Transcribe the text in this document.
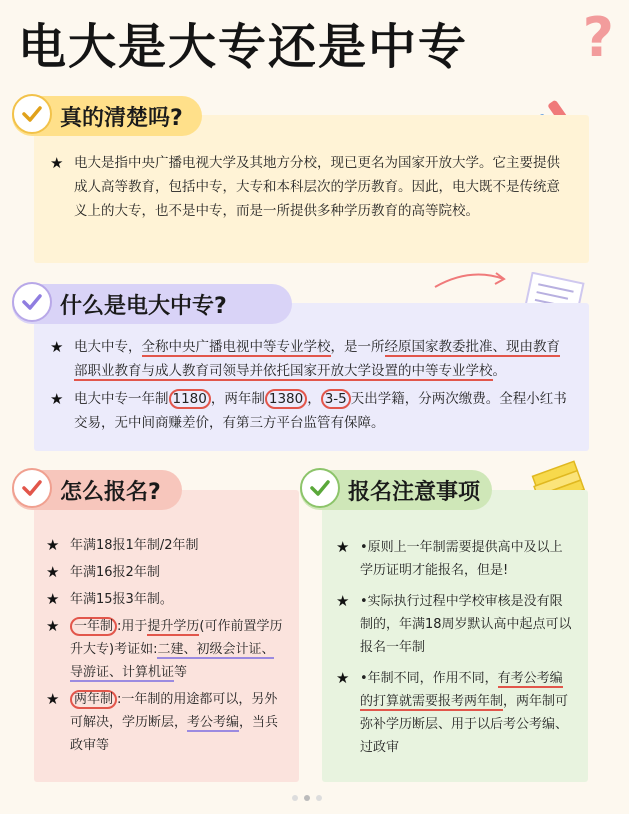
电大是大专还是中专 ?
★ 电大是指中央广播电视大学及其地方分校，现已更名为国家开放大学。它主要提供成人高等教育，包括中专，大专和本科层次的学历教育。因此，电大既不是传统意义上的大专，也不是中专，而是一所提供多种学历教育的高等院校。
真的清楚吗?
★ 电大中专，全称中央广播电视中等专业学校，是一所经原国家教委批准、现由教育部职业教育与成人教育司领导并依托国家开放大学设置的中等专业学校。
★ 电大中专一年制 1180 ，两年制 1380 ， 3-5 天出学籍，分两次缴费。全程小红书交易，无中间商赚差价，有第三方平台监管有保障。
什么是电大中专?
★ 年满18报1年制/2年制
★ 年满16报2年制
★ 年满15报3年制。
★ 一年制 :用于提升学历(可作前置学历升大专)考证如:二建、初级会计证、导游证、计算机证等
★ 两年制 :一年制的用途都可以，另外可解决，学历断层，考公考编，当兵政审等
怎么报名?
★ •原则上一年制需要提供高中及以上学历证明才能报名，但是!
★ •实际执行过程中学校审核是没有限制的，年满18周岁默认高中起点可以报名一年制
★ •年制不同，作用不同，有考公考编的打算就需要报考两年制，两年制可弥补学历断层、用于以后考公考编、过政审
报名注意事项
